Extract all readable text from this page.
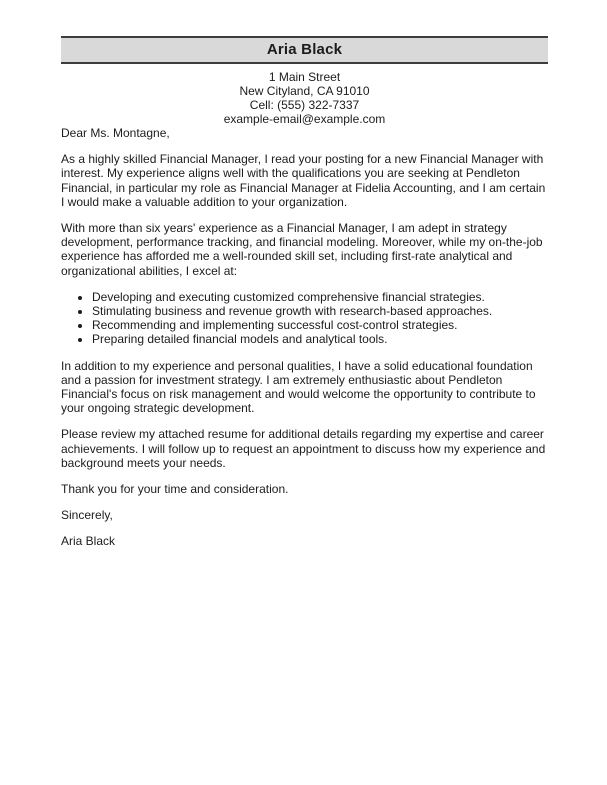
Aria Black
1 Main Street
New Cityland, CA 91010
Cell: (555) 322-7337
example-email@example.com

Dear Ms. Montagne,

As a highly skilled Financial Manager, I read your posting for a new Financial Manager with interest. My experience aligns well with the qualifications you are seeking at Pendleton Financial, in particular my role as Financial Manager at Fidelia Accounting, and I am certain I would make a valuable addition to your organization.

With more than six years' experience as a Financial Manager, I am adept in strategy development, performance tracking, and financial modeling. Moreover, while my on-the-job experience has afforded me a well-rounded skill set, including first-rate analytical and organizational abilities, I excel at:

• Developing and executing customized comprehensive financial strategies.
• Stimulating business and revenue growth with research-based approaches.
• Recommending and implementing successful cost-control strategies.
• Preparing detailed financial models and analytical tools.

In addition to my experience and personal qualities, I have a solid educational foundation and a passion for investment strategy. I am extremely enthusiastic about Pendleton Financial's focus on risk management and would welcome the opportunity to contribute to your ongoing strategic development.

Please review my attached resume for additional details regarding my expertise and career achievements. I will follow up to request an appointment to discuss how my experience and background meets your needs.

Thank you for your time and consideration.

Sincerely,

Aria Black
